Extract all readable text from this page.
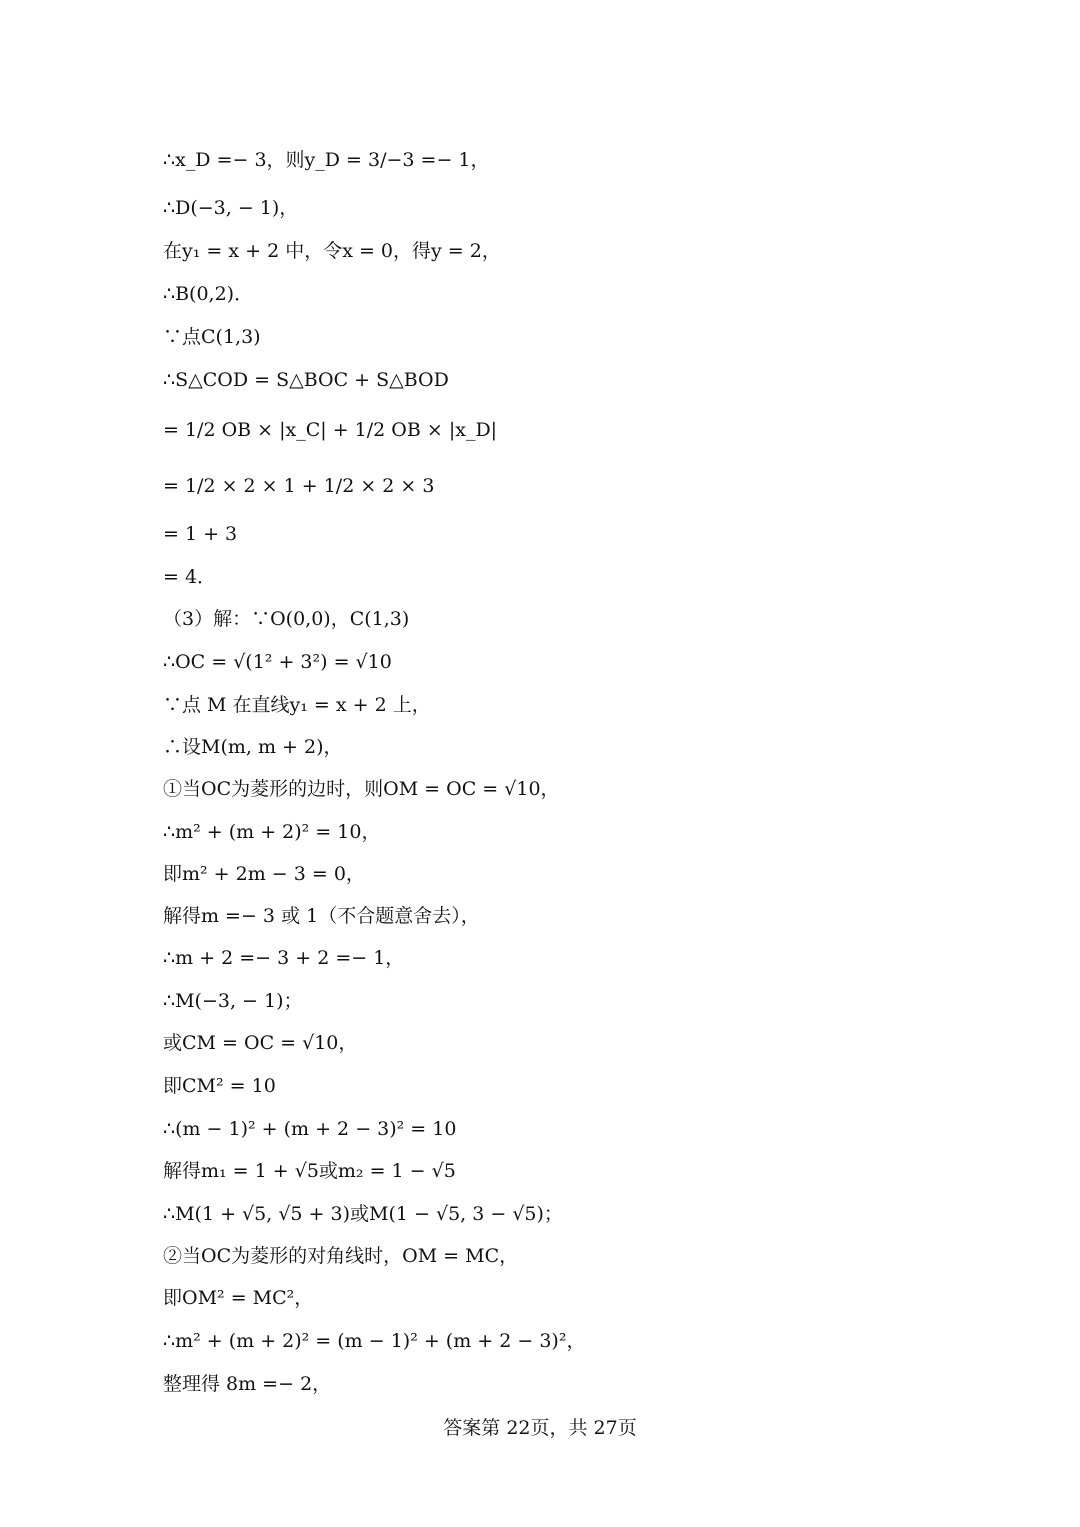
∴x_D =− 3，则y_D = 3/−3 =− 1，
∴D(−3, − 1)，
在y₁ = x + 2 中，令x = 0，得y = 2，
∴B(0,2)．
∵点C(1,3)
∴S△COD = S△BOC + S△BOD
= 1/2 OB × |x_C| + 1/2 OB × |x_D|
= 1/2 × 2 × 1 + 1/2 × 2 × 3
= 1 + 3
= 4．
（3）解：∵O(0,0)，C(1,3)
∴OC = √(1² + 3²) = √10
∵点 M 在直线y₁ = x + 2 上，
∴设M(m, m + 2)，
①当OC为菱形的边时，则OM = OC = √10，
∴m² + (m + 2)² = 10，
即m² + 2m − 3 = 0，
解得m =− 3 或 1（不合题意舍去），
∴m + 2 =− 3 + 2 =− 1，
∴M(−3, − 1)；
或CM = OC = √10，
即CM² = 10
∴(m − 1)² + (m + 2 − 3)² = 10
解得m₁ = 1 + √5或m₂ = 1 − √5
∴M(1 + √5, √5 + 3)或M(1 − √5, 3 − √5)；
②当OC为菱形的对角线时，OM = MC，
即OM² = MC²，
∴m² + (m + 2)² = (m − 1)² + (m + 2 − 3)²，
整理得 8m =− 2，
答案第 22页，共 27页
